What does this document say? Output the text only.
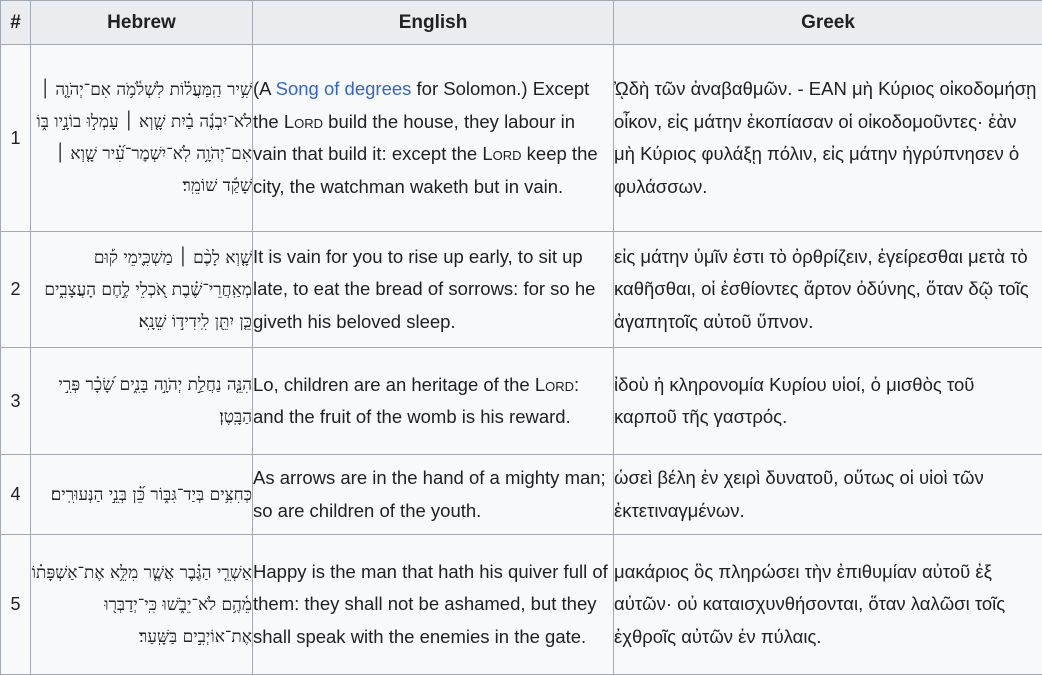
#	Hebrew	English	Greek
1	שִׁ֥יר הַֽמַּעֲל֗וֹת לִשְׁלֹ֫מֹ֥ה אִם־יְהֹוָ֤ה ׀ לֹא־יִבְנֶ֬ה בַ֗יִת שָׁ֤וְא ׀ עָמְל֣וּ בוֹנָ֣יו בּ֑וֹ אִם־יְהֹוָ֥ה לֹֽא־יִשְׁמׇר־עִ֝֗יר שָׁ֤וְא ׀ שָׁקַ֬ד שׁוֹמֵֽר׃	(A Song of degrees for Solomon.) Except the Lord build the house, they labour in vain that build it: except the Lord keep the city, the watchman waketh but in vain.	ᾨδὴ τῶν ἀναβαθμῶν. - ΕΑΝ μὴ Κύριος οἰκοδομήσῃ οἶκον, εἰς μάτην ἐκοπίασαν οἱ οἰκοδομοῦντες· ἐὰν μὴ Κύριος φυλάξῃ πόλιν, εἰς μάτην ἠγρύπνησεν ὁ φυλάσσων.
2	שָׁ֤וְא לָכֶ֨ם ׀ מַשְׁכִּ֪ימֵי ק֡וּם מְאַֽחֲרֵי־שֶׁ֗בֶת אֹ֭כְלֵי לֶ֣חֶם הָעֲצָבִ֑ים כֵּ֤ן יִתֵּ֖ן לִֽידִיד֣וֹ שֵׁנָֽא׃	It is vain for you to rise up early, to sit up late, to eat the bread of sorrows: for so he giveth his beloved sleep.	εἰς μάτην ὑμῖν ἐστι τὸ ὀρθρίζειν, ἐγείρεσθαι μετὰ τὸ καθῆσθαι, οἱ ἐσθίοντες ἄρτον ὀδύνης, ὅταν δῷ τοῖς ἀγαπητοῖς αὐτοῦ ὕπνον.
3	הִנֵּ֤ה נַחֲלַ֣ת יְהֹוָ֣ה בָּנִ֑ים שָׂ֝כָ֗ר פְּרִ֣י הַבָּֽטֶן׃	Lo, children are an heritage of the Lord: and the fruit of the womb is his reward.	ἰδοὺ ἡ κληρονομία Κυρίου υἱοί, ὁ μισθὸς τοῦ καρποῦ τῆς γαστρός.
4	כְּחִצִּ֥ים בְּיַד־גִּבּ֑וֹר כֵּ֝֗ן בְּנֵ֣י הַנְּעוּרִֽים׃	As arrows are in the hand of a mighty man; so are children of the youth.	ὡσεὶ βέλη ἐν χειρὶ δυνατοῦ, οὕτως οἱ υἱοὶ τῶν ἐκτετιναγμένων.
5	אַשְׁרֵ֤י הַגֶּ֗בֶר אֲשֶׁ֤ר מִלֵּ֥א אֶת־אַשְׁפָּת֗וֹ מֵ֫הֶ֥ם לֹא־יֵבֹ֑שׁוּ כִּֽי־יְדַבְּר֖וּ אֶת־אוֹיְבִ֣ים בַּשָּֽׁעַר׃	Happy is the man that hath his quiver full of them: they shall not be ashamed, but they shall speak with the enemies in the gate.	μακάριος ὃς πληρώσει τὴν ἐπιθυμίαν αὐτοῦ ἐξ αὐτῶν· οὐ καταισχυνθήσονται, ὅταν λαλῶσι τοῖς ἐχθροῖς αὐτῶν ἐν πύλαις.
